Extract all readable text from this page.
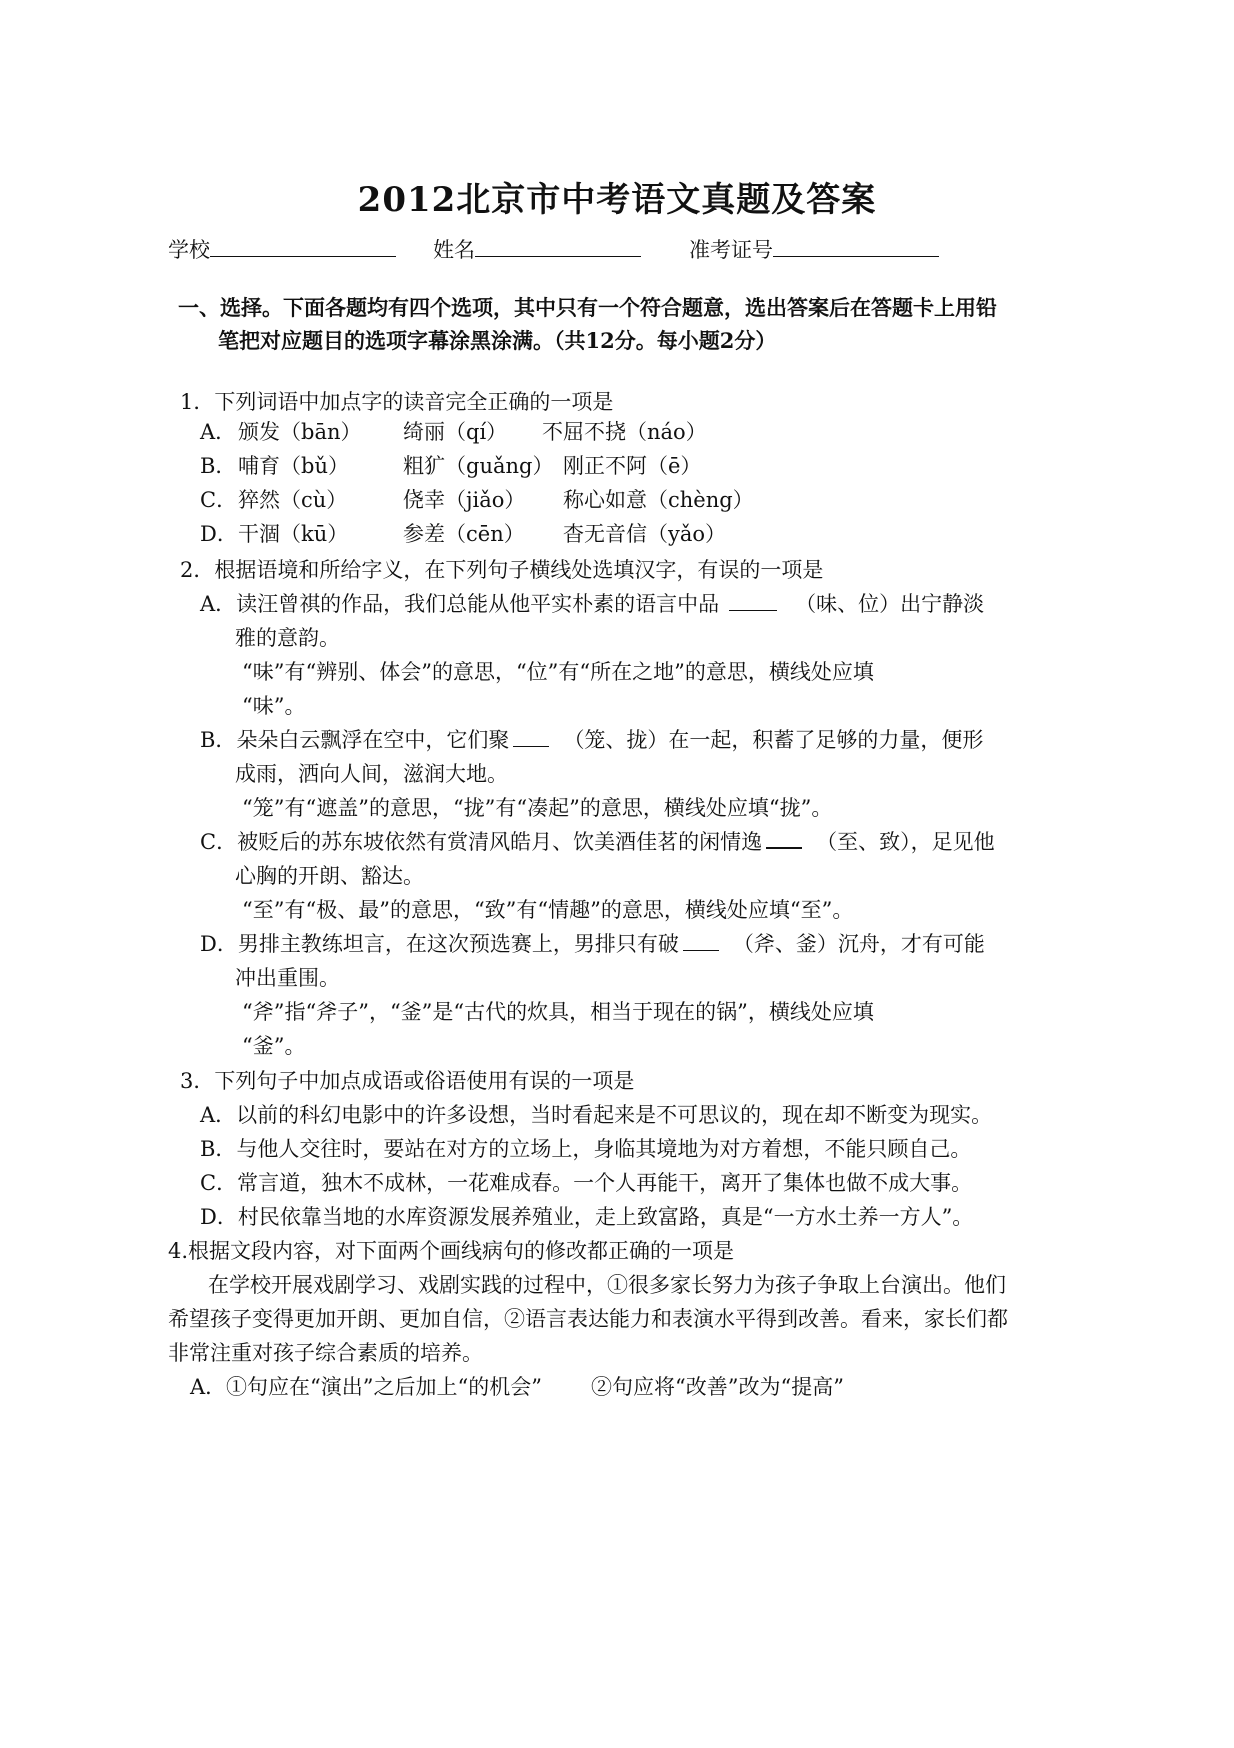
2012北京市中考语文真题及答案
学校	姓名	准考证号
一、选择。下面各题均有四个选项，其中只有一个符合题意，选出答案后在答题卡上用铅
笔把对应题目的选项字幕涂黑涂满。（共12分。每小题2分）
1．下列词语中加点字的读音完全正确的一项是
A． 颁发（bān） 绮丽（qí） 不屈不挠（náo）
B． 哺育（bǔ）	粗犷（guǎng） 刚正不阿（ē）
C． 猝然（cù）	侥幸（jiǎo） 称心如意（chèng）
D． 干涸（kū）	参差（cēn） 杳无音信（yǎo）
2．根据语境和所给字义，在下列句子横线处选填汉字，有误的一项是
A．读汪曾祺的作品，我们总能从他平实朴素的语言中品	（味、位）出宁静淡
雅的意韵。
“味”有“辨别、体会”的意思，“位”有“所在之地”的意思，横线处应填
“味”。
B．朵朵白云飘浮在空中，它们聚	（笼、拢）在一起，积蓄了足够的力量，便形
成雨，洒向人间，滋润大地。
“笼”有“遮盖”的意思，“拢”有“凑起”的意思，横线处应填“拢”。
C．被贬后的苏东坡依然有赏清风皓月、饮美酒佳茗的闲情逸	（至、致），足见他
心胸的开朗、豁达。
“至”有“极、最”的意思，“致”有“情趣”的意思，横线处应填“至”。
D．男排主教练坦言，在这次预选赛上，男排只有破	（斧、釜）沉舟，才有可能
冲出重围。
“斧”指“斧子”，“釜”是“古代的炊具，相当于现在的锅”，横线处应填
“釜”。
3．下列句子中加点成语或俗语使用有误的一项是
A．以前的科幻电影中的许多设想，当时看起来是不可思议的，现在却不断变为现实。
B．与他人交往时，要站在对方的立场上，身临其境地为对方着想，不能只顾自己。
C．常言道，独木不成林，一花难成春。一个人再能干，离开了集体也做不成大事。
D．村民依靠当地的水库资源发展养殖业，走上致富路，真是“一方水土养一方人”。
4.根据文段内容，对下面两个画线病句的修改都正确的一项是
在学校开展戏剧学习、戏剧实践的过程中，①很多家长努力为孩子争取上台演出。他们
希望孩子变得更加开朗、更加自信，②语言表达能力和表演水平得到改善。看来，家长们都
非常注重对孩子综合素质的培养。
A． ①句应在“演出”之后加上“的机会” ②句应将“改善”改为“提高”
